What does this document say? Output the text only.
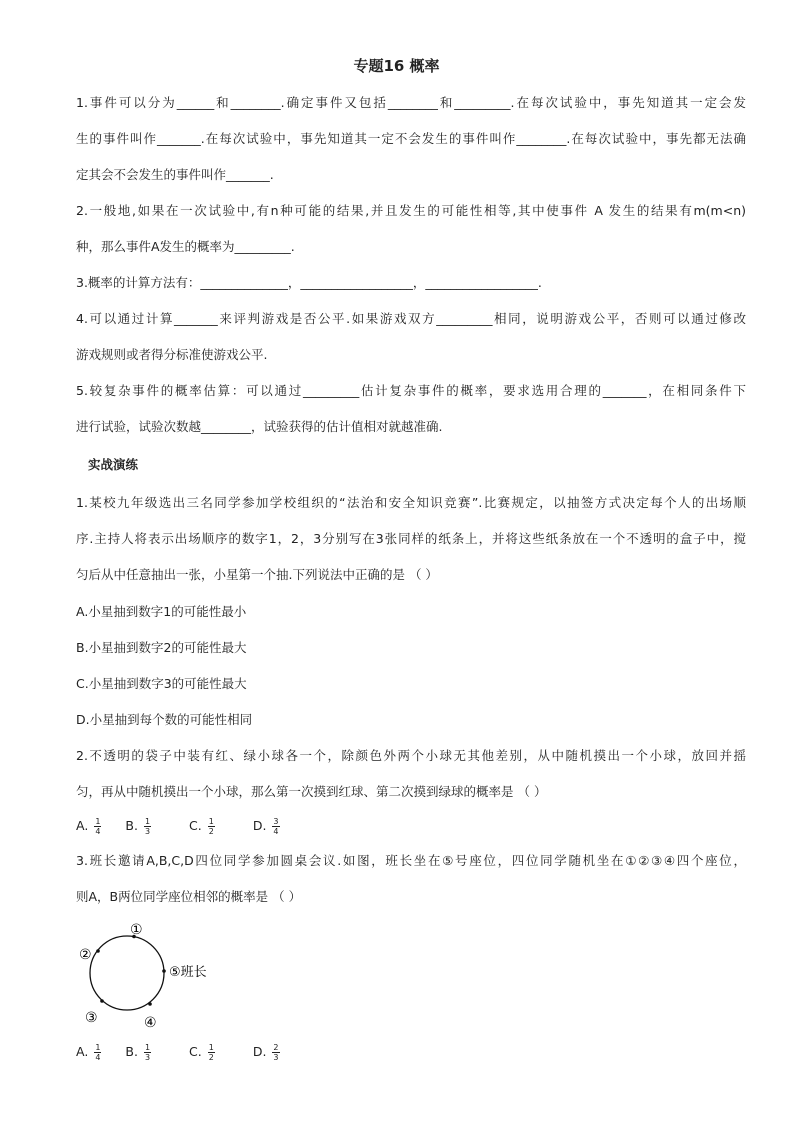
专题16 概率
1.事件可以分为______和________.确定事件又包括________和_________.在每次试验中，事先知道其一定会发
生的事件叫作_______.在每次试验中，事先知道其一定不会发生的事件叫作________.在每次试验中，事先都无法确
定其会不会发生的事件叫作_______.
2.一般地,如果在一次试验中,有n种可能的结果,并且发生的可能性相等,其中使事件 A 发生的结果有m(m<n)
种，那么事件A发生的概率为_________.
3.概率的计算方法有：______________，__________________，__________________.
4.可以通过计算_______来评判游戏是否公平.如果游戏双方_________相同，说明游戏公平，否则可以通过修改
游戏规则或者得分标准使游戏公平.
5.较复杂事件的概率估算：可以通过_________估计复杂事件的概率，要求选用合理的_______，在相同条件下
进行试验，试验次数越________，试验获得的估计值相对就越准确.
实战演练
1.某校九年级选出三名同学参加学校组织的“法治和安全知识竞赛”.比赛规定，以抽签方式决定每个人的出场顺
序.主持人将表示出场顺序的数字1，2，3分别写在3张同样的纸条上，并将这些纸条放在一个不透明的盒子中，搅
匀后从中任意抽出一张，小星第一个抽.下列说法中正确的是 （ ）
A.小星抽到数字1的可能性最小
B.小星抽到数字2的可能性最大
C.小星抽到数字3的可能性最大
D.小星抽到每个数的可能性相同
2.不透明的袋子中装有红、绿小球各一个，除颜色外两个小球无其他差别，从中随机摸出一个小球，放回并摇
匀，再从中随机摸出一个小球，那么第一次摸到红球、第二次摸到绿球的概率是 （ ）
A. $\frac{1}{4} B$. $\frac{1}{3}$	C. $\frac{1}{2}$	D. $\frac{3}{4}$
3.班长邀请A,B,C,D四位同学参加圆桌会议.如图，班长坐在⑤号座位，四位同学随机坐在①②③④四个座位，
则A，B两位同学座位相邻的概率是 （ ）
①
②
③	④
⑤班长
A. $\frac{1}{4} B$. $\frac{1}{3}$	C. $\frac{1}{2}$	D. $\frac{2}{3}$
